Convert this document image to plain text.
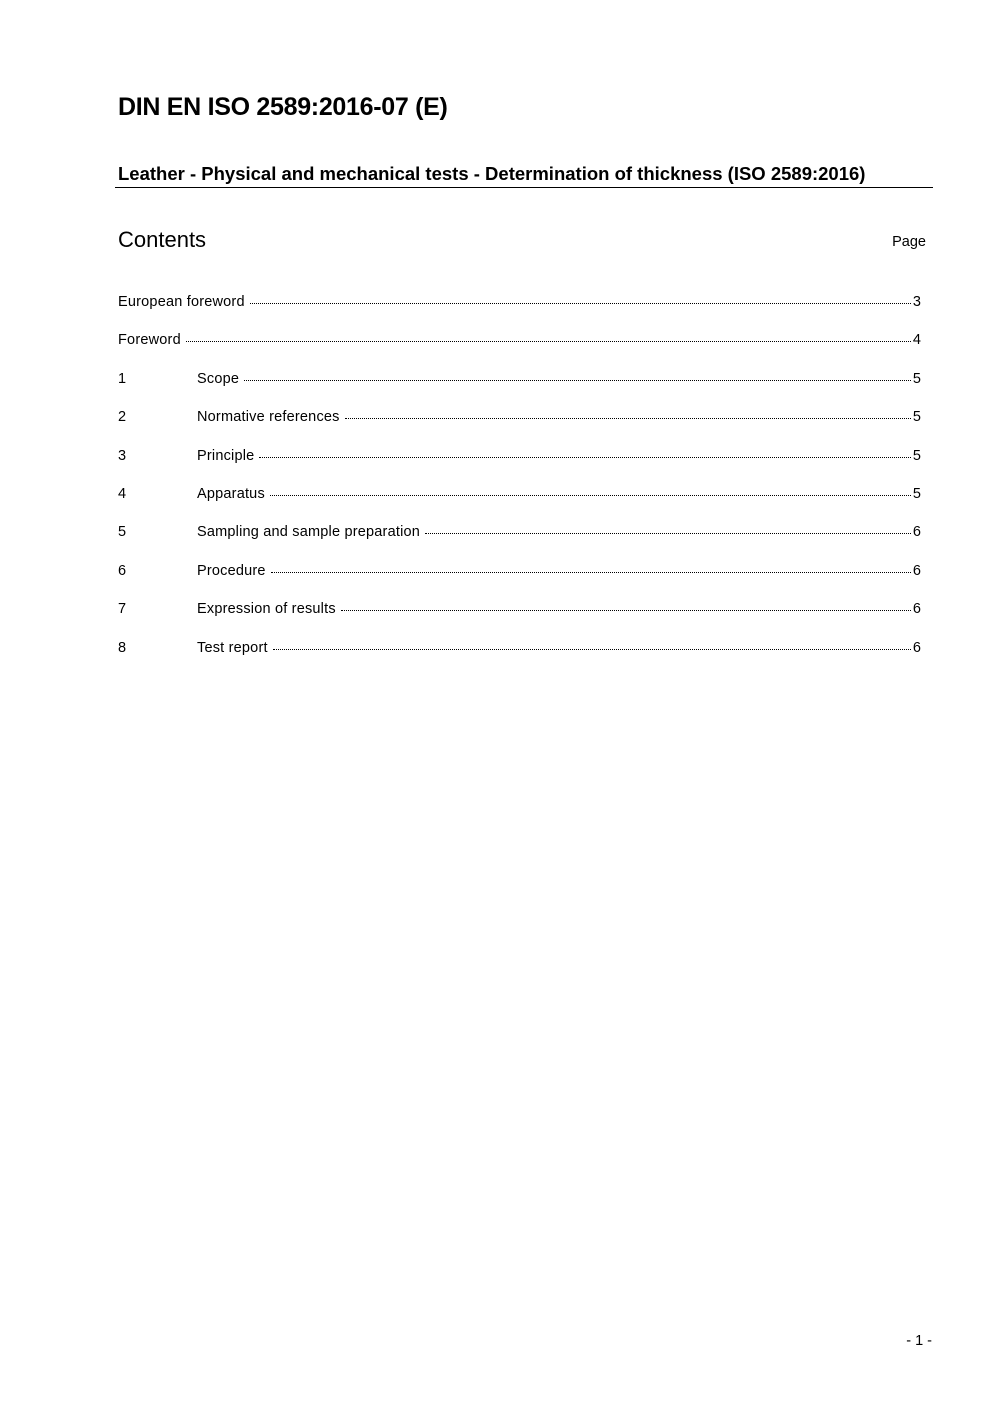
DIN EN ISO 2589:2016-07 (E)
Leather - Physical and mechanical tests - Determination of thickness (ISO 2589:2016)
Contents	Page
European foreword	3
Foreword	4
1	Scope	5
2	Normative references	5
3	Principle	5
4	Apparatus	5
5	Sampling and sample preparation	6
6	Procedure	6
7	Expression of results	6
8	Test report	6
- 1 -
